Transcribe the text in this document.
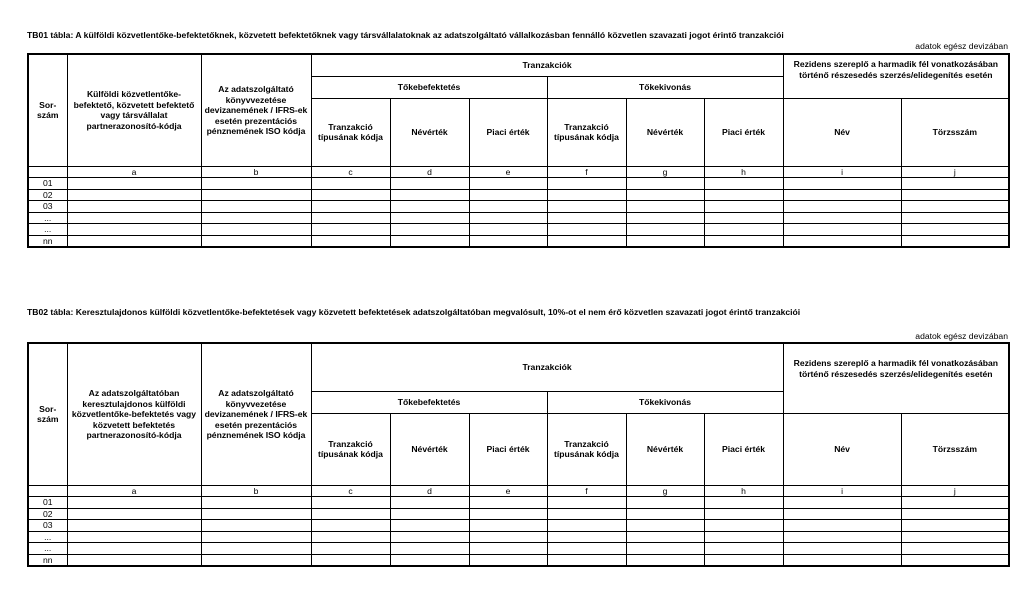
TB01 tábla: A külföldi közvetlentőke-befektetőknek, közvetett befektetőknek vagy társvállalatoknak az adatszolgáltató vállalkozásban fennálló közvetlen szavazati jogot érintő tranzakciói
adatok egész devizában
Sor-
szám	Külföldi közvetlentőke-befektető, közvetett befektető vagy társvállalat partnerazonosító-kódja	Az adatszolgáltató könyvvezetése devizanemének / IFRS-ek esetén prezentációs pénznemének ISO kódja	Tranzakciók						Rezidens szereplő a harmadik fél vonatkozásában történő részesedés szerzés/elidegenítés esetén	
			Tőkebefektetés			Tőkekivonás				
			Tranzakció típusának kódja	Névérték	Piaci érték	Tranzakció típusának kódja	Névérték	Piaci érték	Név	Törzsszám
	a	b	c	d	e	f	g	h	i	j
01										
02										
03										
...										
...										
nn										
TB02 tábla: Keresztulajdonos külföldi közvetlentőke-befektetések vagy közvetett befektetések adatszolgáltatóban megvalósult, 10%-ot el nem érő közvetlen szavazati jogot érintő tranzakciói
adatok egész devizában
Sor-
szám	Az adatszolgáltatóban keresztulajdonos külföldi közvetlentőke-befektetés vagy közvetett befektetés partnerazonosító-kódja	Az adatszolgáltató könyvvezetése devizanemének / IFRS-ek esetén prezentációs pénznemének ISO kódja	Tranzakciók						Rezidens szereplő a harmadik fél vonatkozásában történő részesedés szerzés/elidegenítés esetén	
			Tőkebefektetés			Tőkekivonás				
			Tranzakció típusának kódja	Névérték	Piaci érték	Tranzakció típusának kódja	Névérték	Piaci érték	Név	Törzsszám
	a	b	c	d	e	f	g	h	i	j
01										
02										
03										
...										
...										
nn										
